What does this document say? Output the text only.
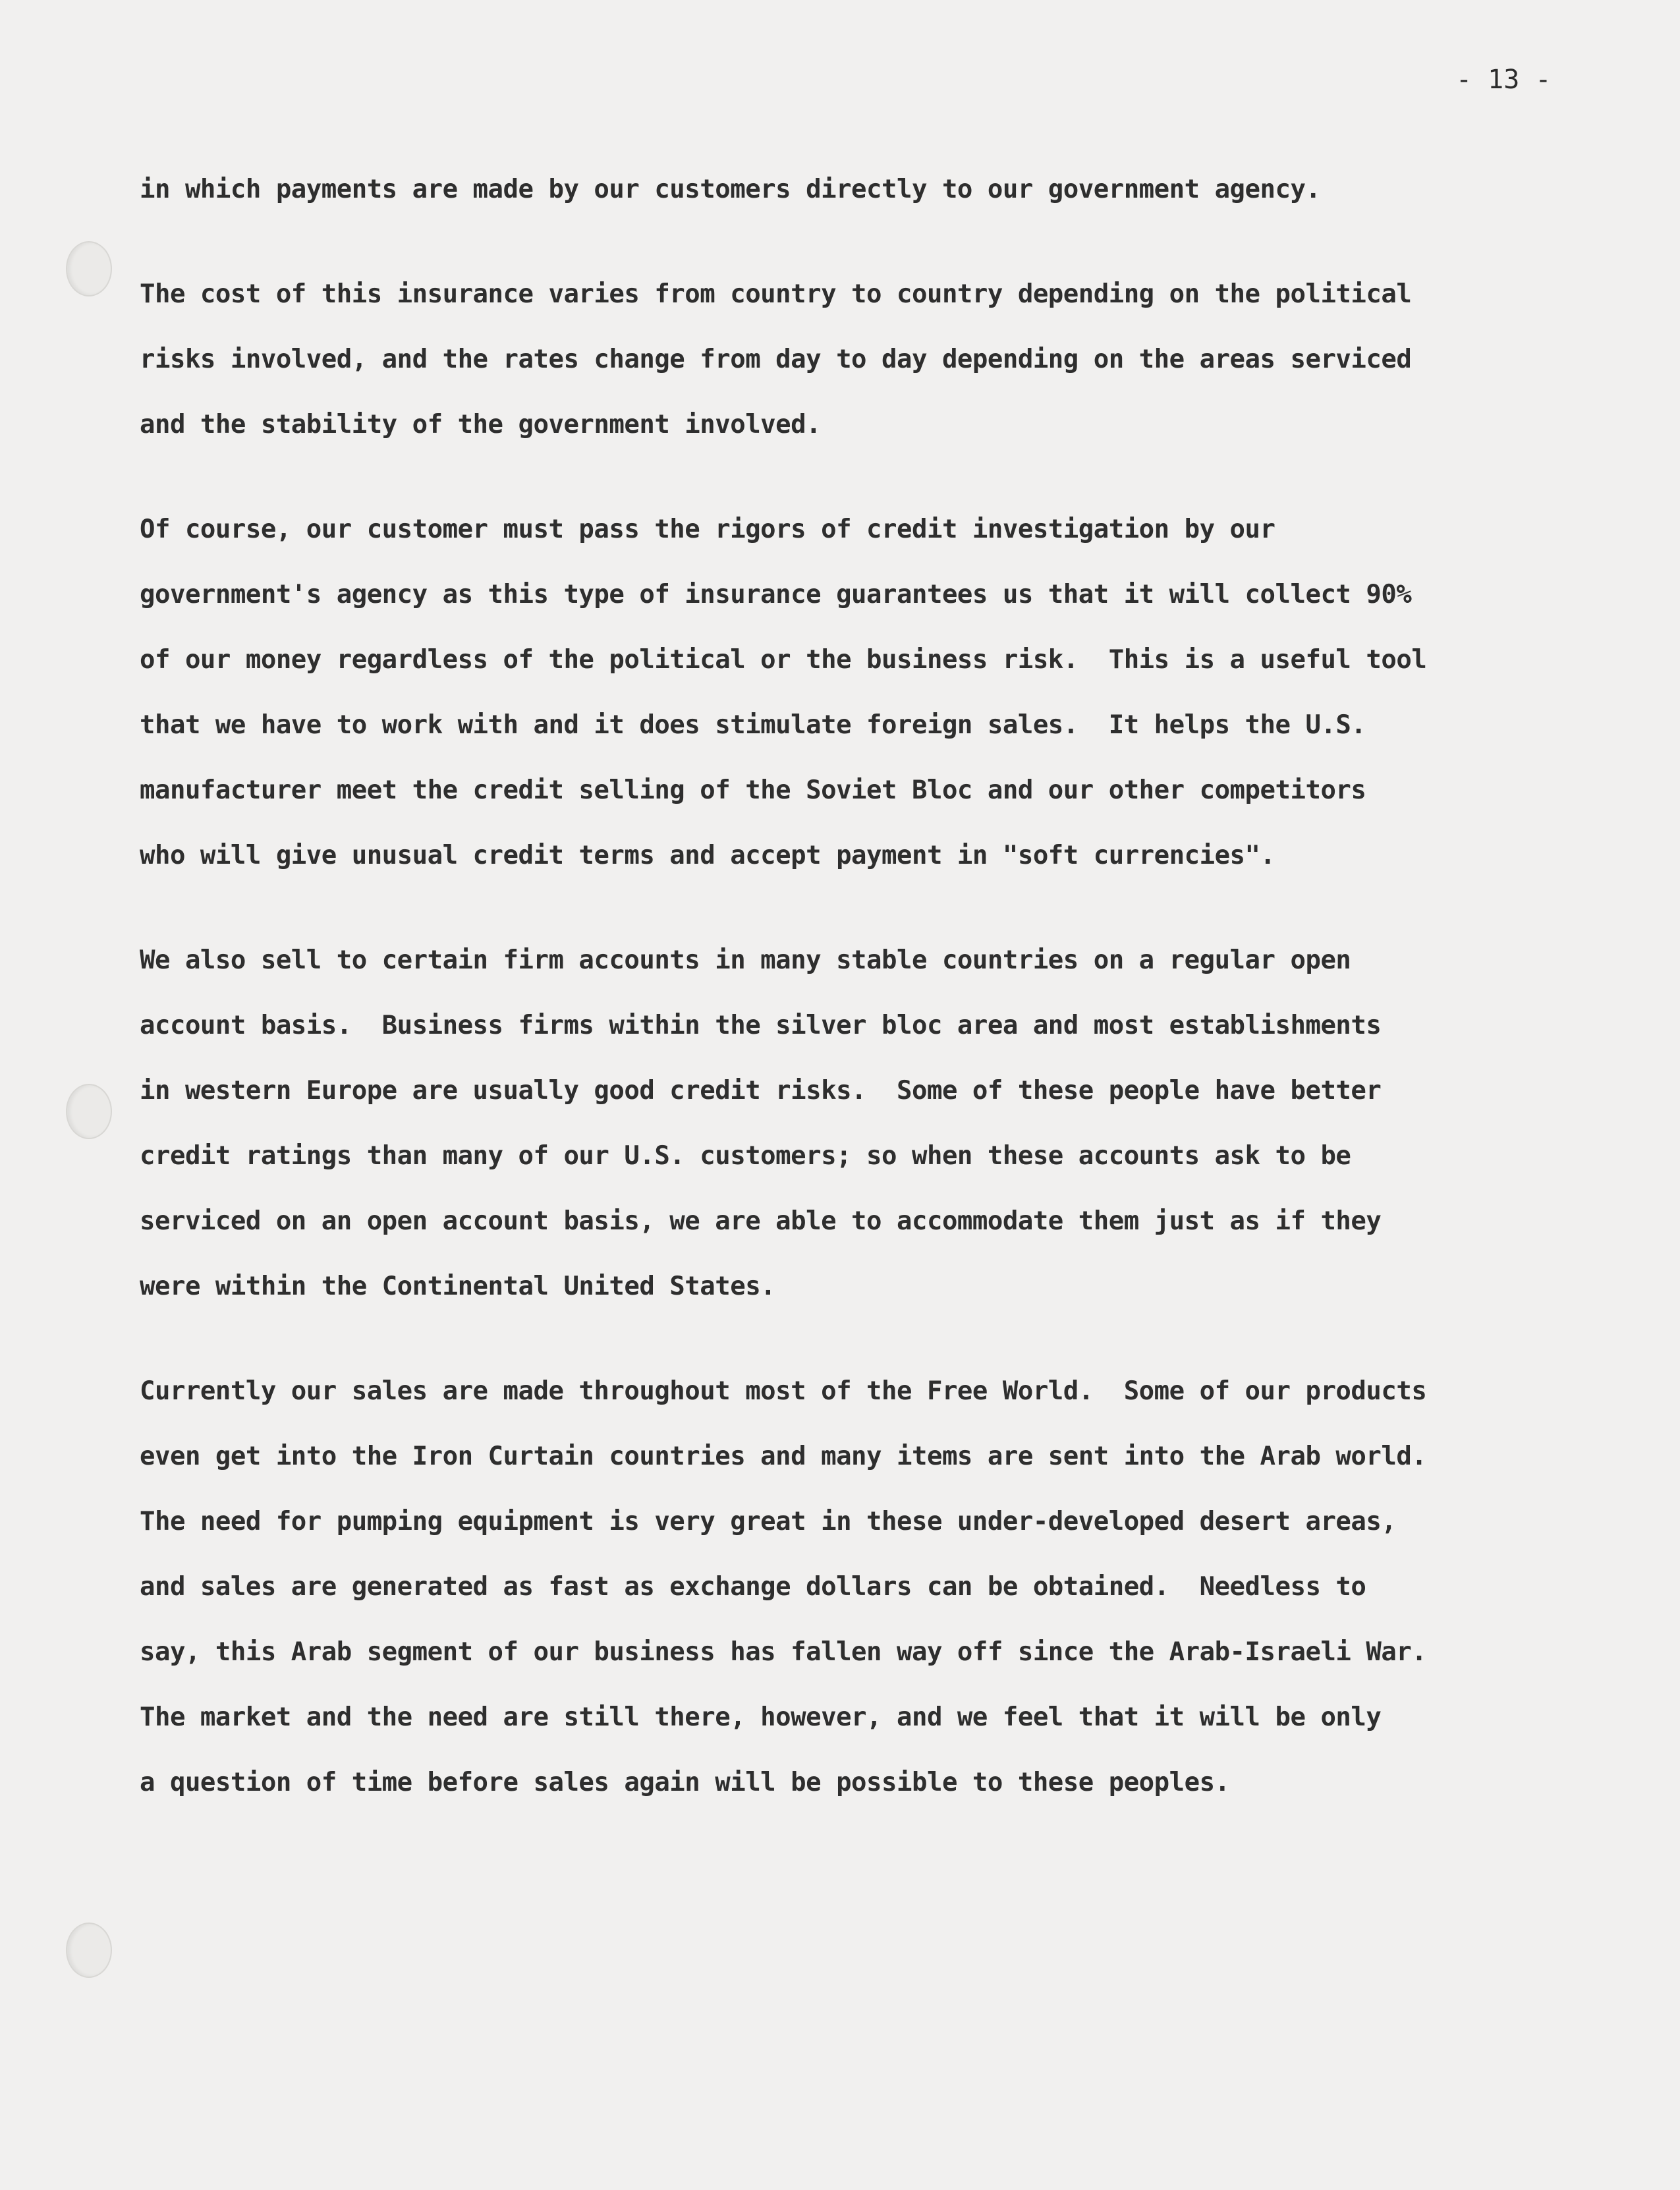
- 13 -
in which payments are made by our customers directly to our government agency.
The cost of this insurance varies from country to country depending on the political
risks involved, and the rates change from day to day depending on the areas serviced
and the stability of the government involved.
Of course, our customer must pass the rigors of credit investigation by our
government's agency as this type of insurance guarantees us that it will collect 90%
of our money regardless of the political or the business risk.  This is a useful tool
that we have to work with and it does stimulate foreign sales.  It helps the U.S.
manufacturer meet the credit selling of the Soviet Bloc and our other competitors
who will give unusual credit terms and accept payment in "soft currencies".
We also sell to certain firm accounts in many stable countries on a regular open
account basis.  Business firms within the silver bloc area and most establishments
in western Europe are usually good credit risks.  Some of these people have better
credit ratings than many of our U.S. customers; so when these accounts ask to be
serviced on an open account basis, we are able to accommodate them just as if they
were within the Continental United States.
Currently our sales are made throughout most of the Free World.  Some of our products
even get into the Iron Curtain countries and many items are sent into the Arab world.
The need for pumping equipment is very great in these under-developed desert areas,
and sales are generated as fast as exchange dollars can be obtained.  Needless to
say, this Arab segment of our business has fallen way off since the Arab-Israeli War.
The market and the need are still there, however, and we feel that it will be only
a question of time before sales again will be possible to these peoples.
